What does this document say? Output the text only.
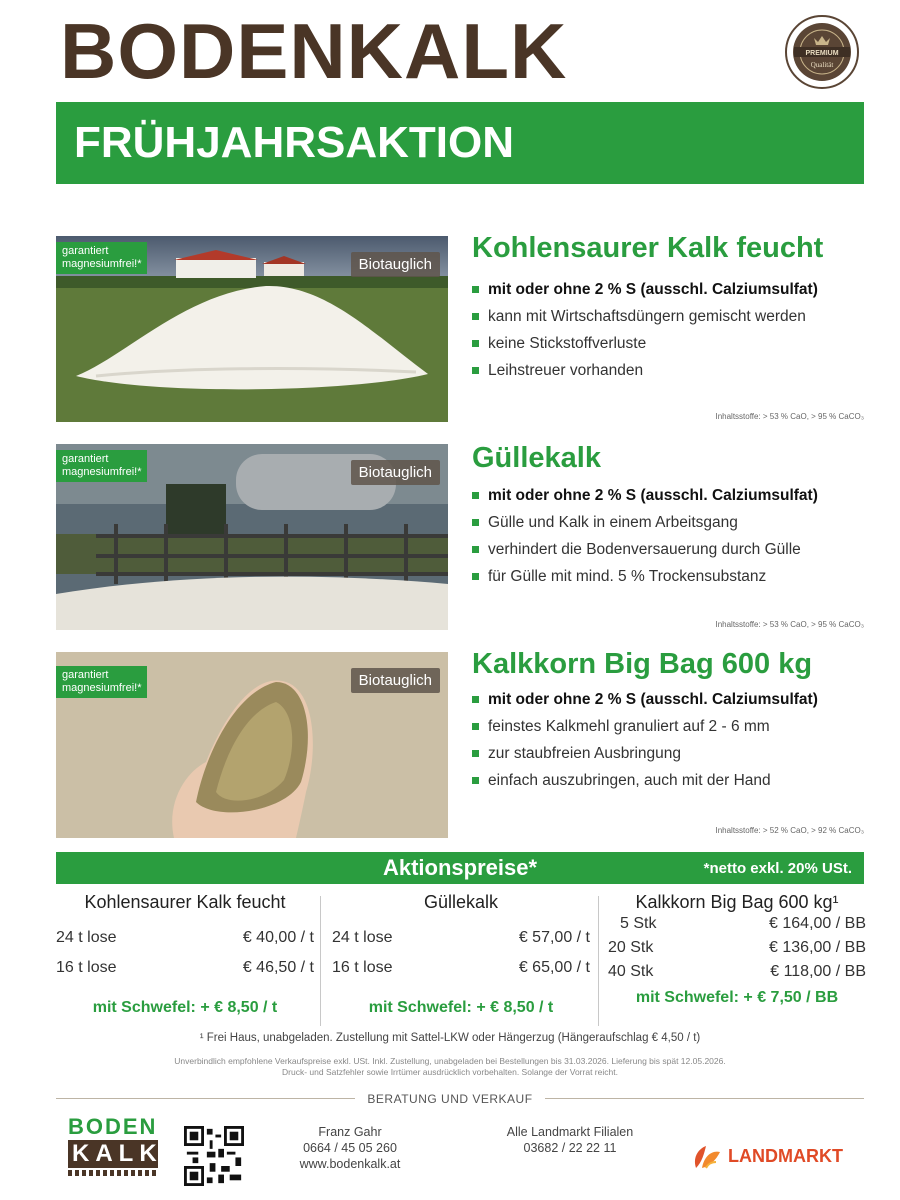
BODENKALK	PREMIUM
Qualität
FRÜHJAHRSAKTION
garantiert
magnesiumfrei!*	Biotauglich
Kohlensaurer Kalk feucht
mit oder ohne 2 % S (ausschl. Calziumsulfat)
kann mit Wirtschaftsdüngern gemischt werden
keine Stickstoffverluste
Leihstreuer vorhanden
Inhaltsstoffe: > 53 % CaO, > 95 % CaCO₃
garantiert
magnesiumfrei!*	Biotauglich Güllekalk
mit oder ohne 2 % S (ausschl. Calziumsulfat)
Gülle und Kalk in einem Arbeitsgang
verhindert die Bodenversauerung durch Gülle
für Gülle mit mind. 5 % Trockensubstanz
Inhaltsstoffe: > 53 % CaO, > 95 % CaCO₃
garantiert
magnesiumfrei!*	Biotauglich
Kalkkorn Big Bag 600 kg
mit oder ohne 2 % S (ausschl. Calziumsulfat)
feinstes Kalkmehl granuliert auf 2 - 6 mm
zur staubfreien Ausbringung
einfach auszubringen, auch mit der Hand
Inhaltsstoffe: > 52 % CaO, > 92 % CaCO₃
Aktionspreise*	*netto exkl. 20% USt.
Kohlensaurer Kalk feucht
24 t lose	€ 40,00 / t
16 t lose	€ 46,50 / t
mit Schwefel: + € 8,50 / t
Güllekalk
24 t lose	€ 57,00 / t
16 t lose	€ 65,00 / t
mit Schwefel: + € 8,50 / t
Kalkkorn Big Bag 600 kg¹
5 Stk	€ 164,00 / BB
20 Stk	€ 136,00 / BB
40 Stk	€ 118,00 / BB
mit Schwefel: + € 7,50 / BB
¹ Frei Haus, unabgeladen. Zustellung mit Sattel-LKW oder Hängerzug (Hängeraufschlag € 4,50 / t)
Unverbindlich empfohlene Verkaufspreise exkl. USt. Inkl. Zustellung, unabgeladen bei Bestellungen bis 31.03.2026. Lieferung bis spät 12.05.2026.
Druck- und Satzfehler sowie Irrtümer ausdrücklich vorbehalten. Solange der Vorrat reicht.
BERATUNG UND VERKAUF
BODEN
KALK
Franz Gahr
0664 / 45 05 260
www.bodenkalk.at
Alle Landmarkt Filialen
03682 / 22 22 11	LANDMARKT
